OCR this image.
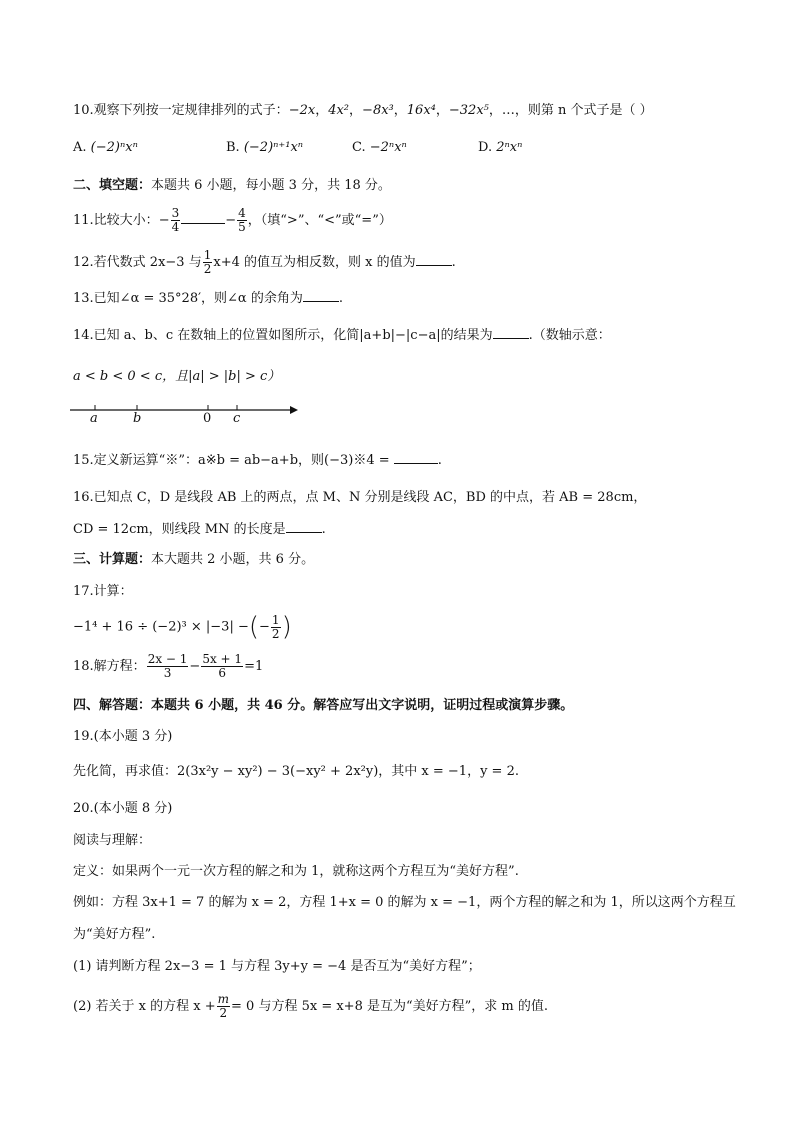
10.观察下列按一定规律排列的式子：−2x，4x²，−8x³，16x⁴，−32x⁵，…，则第 n 个式子是（ ）
A. (−2)ⁿxⁿ	B. (−2)ⁿ⁺¹xⁿ	C. −2ⁿxⁿ	D. 2ⁿxⁿ
二、填空题：本题共 6 小题，每小题 3 分，共 18 分。
11.比较大小：− $\frac{3}{4}$	− $\frac{4}{5}$ ，（填“>”、“<”或“=”）
12.若代数式 2x−3 与 $\frac{1}{2} x+4$ 的值互为相反数，则 x 的值为	.
13.已知∠α = 35°28′，则∠α 的余角为	.
14.已知 a、b、c 在数轴上的位置如图所示，化简|a+b|−|c−a|的结果为	.（数轴示意：
a < b < 0 < c，且|a| > |b| > c）
a	b	0 c
15.定义新运算“※”：a※b = ab−a+b，则(−3)※4 =	.
16.已知点 C，D 是线段 AB 上的两点，点 M、N 分别是线段 AC，BD 的中点，若 AB = 28cm，
CD = 12cm，则线段 MN 的长度是	.
三、计算题：本大题共 2 小题，共 6 分。
17.计算：
−1⁴ + 16 ÷ (−2)³ × |−3| −(− $\frac{1}{2}$ )
18.解方程： $\frac{2x - 1}{3} - \frac{5x + 1}{6} =1$
四、解答题：本题共 6 小题，共 46 分。解答应写出文字说明，证明过程或演算步骤。
19.(本小题 3 分)
先化简，再求值：2(3x²y − xy²) − 3(−xy² + 2x²y)，其中 x = −1，y = 2.
20.(本小题 8 分)
阅读与理解：
定义：如果两个一元一次方程的解之和为 1，就称这两个方程互为“美好方程”.
例如：方程 3x+1 = 7 的解为 x = 2，方程 1+x = 0 的解为 x = −1，两个方程的解之和为 1，所以这两个方程互
为“美好方程”.
(1) 请判断方程 2x−3 = 1 与方程 3y+y = −4 是否互为“美好方程”；
(2) 若关于 x 的方程 $x + \frac{m}{2} = 0$ 与方程 5x = x+8 是互为“美好方程”，求 m 的值.
